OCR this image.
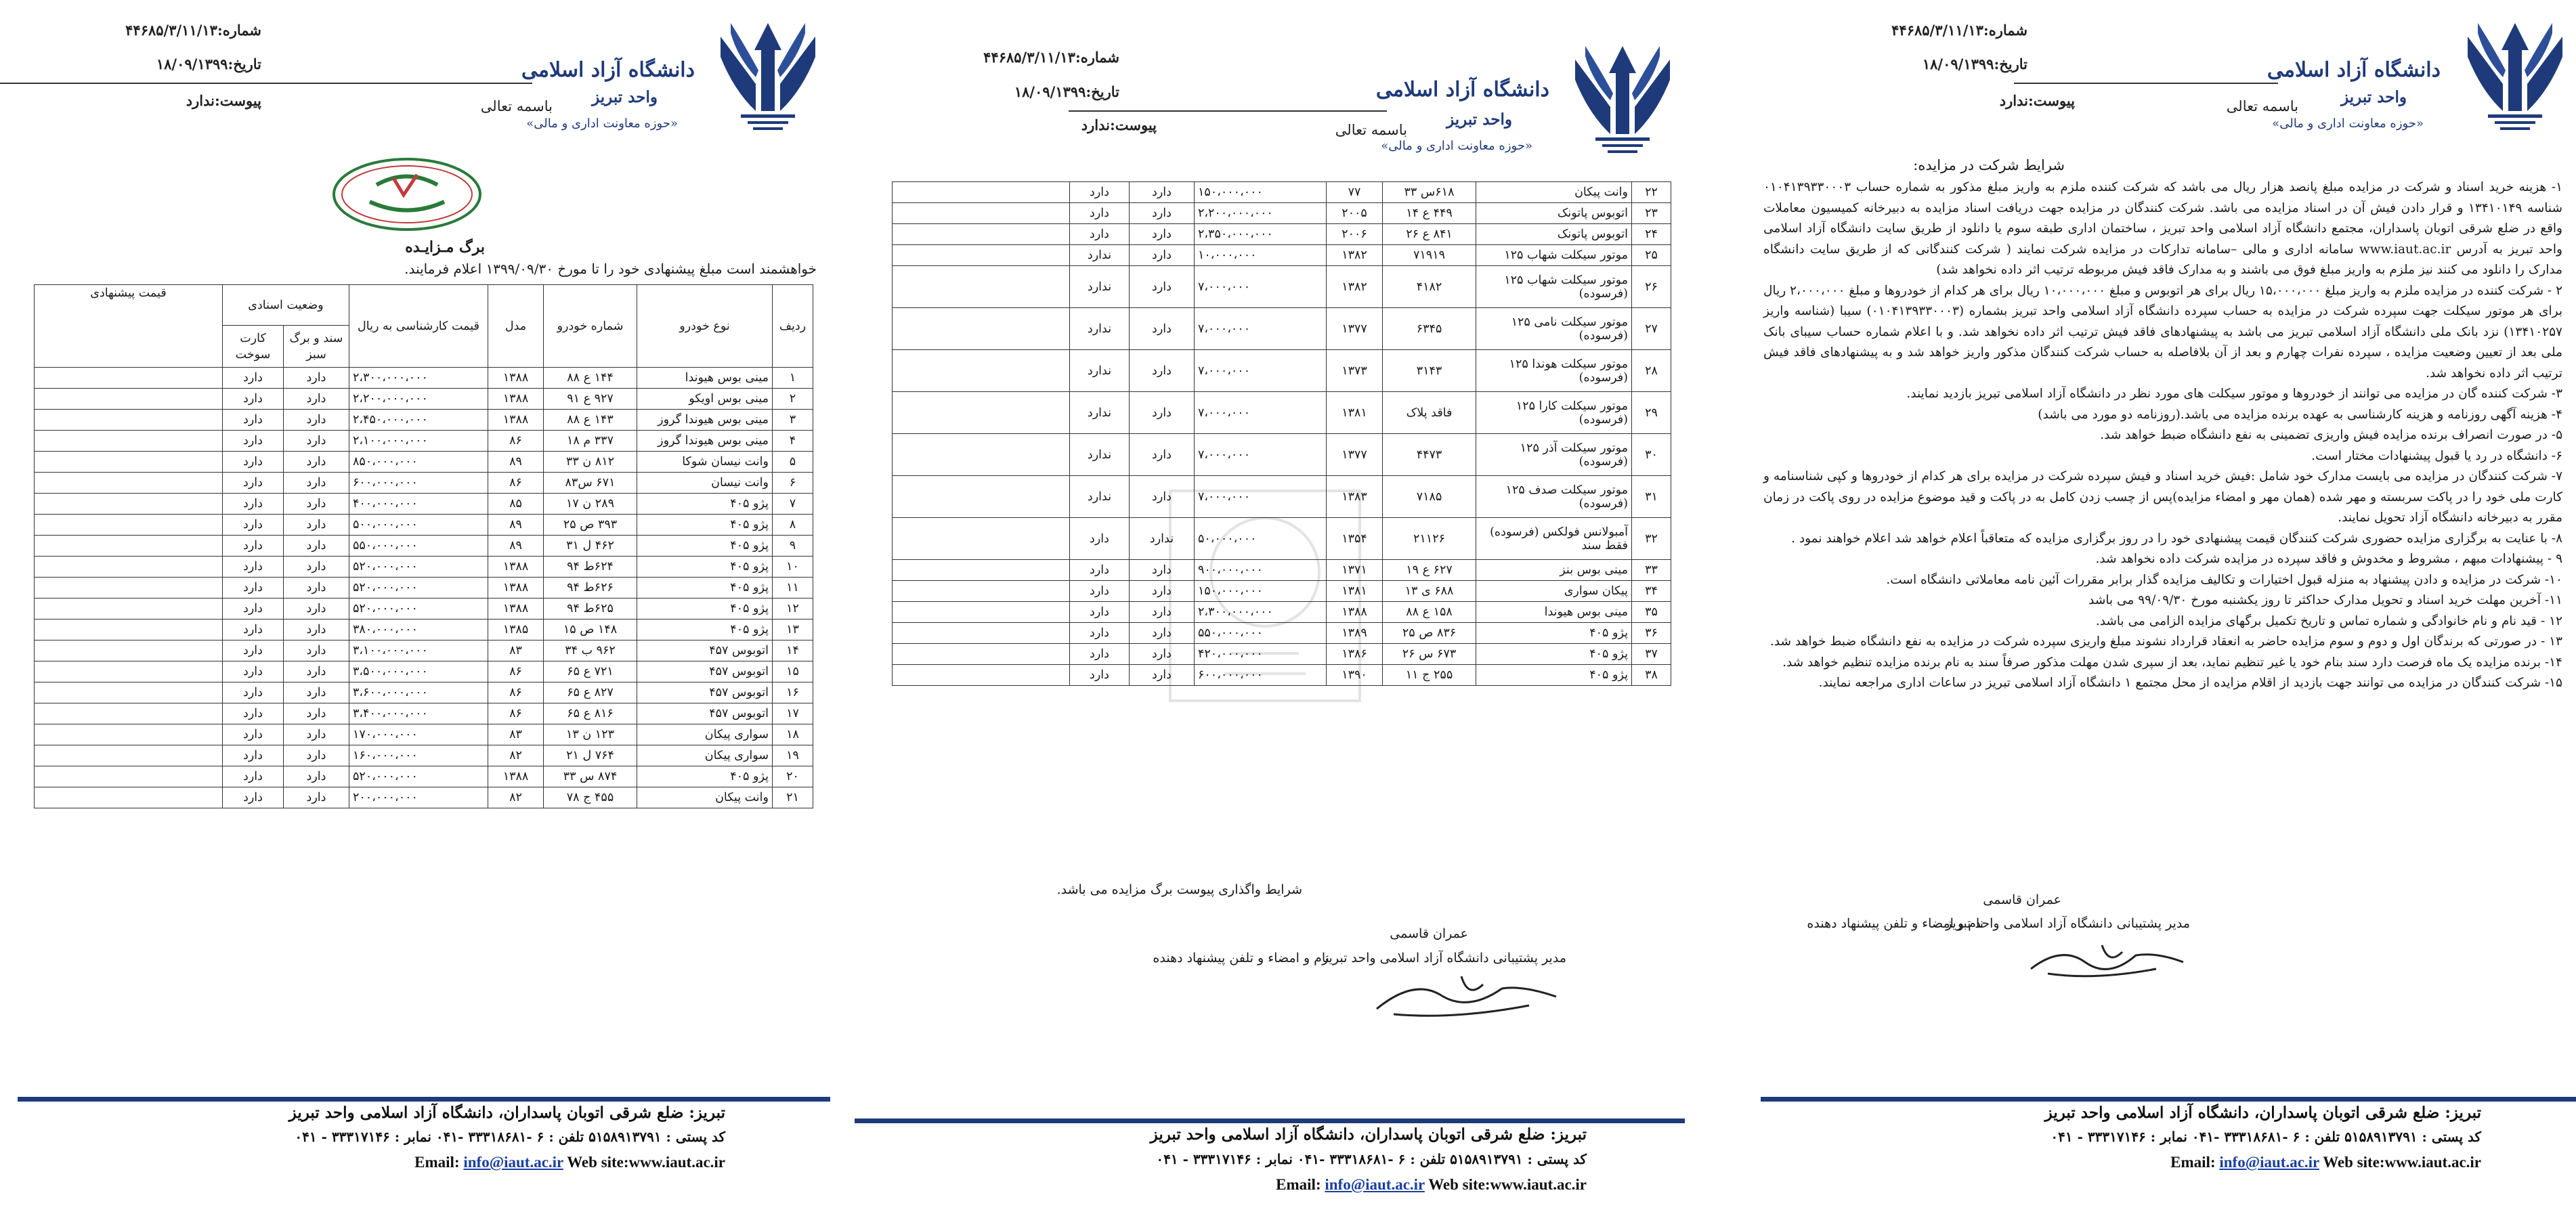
دانشگاه آزاد اسلامی
واحد تبریز
«حوزه معاونت اداری و مالی»
باسمه تعالی
شماره:۴۴۶۸۵/۳/۱۱/۱۳
تاریخ:۱۸/۰۹/۱۳۹۹
پیوست:ندارد
شرایط شرکت در مزایده:

۱- هزینه خرید اسناد و شرکت در مزایده مبلغ پانصد هزار ریال می باشد که شرکت کننده ملزم به واریز مبلغ مذکور به شماره حساب ۰۱۰۴۱۳۹۳۳۰۰۰۳ شناسه ۱۳۴۱۰۱۴۹ و قرار دادن فیش آن در اسناد مزایده می باشد. شرکت کنندگان در مزایده جهت دریافت اسناد مزایده به دبیرخانه کمیسیون معاملات واقع در ضلع شرقی اتوبان پاسداران، مجتمع دانشگاه آزاد اسلامی واحد تبریز ، ساختمان اداری طبقه سوم یا دانلود از طریق سایت دانشگاه آزاد اسلامی واحد تبریز به آدرس www.iaut.ac.ir سامانه اداری و مالی –سامانه تدارکات در مزایده شرکت نمایند ( شرکت کنندگانی که از طریق سایت دانشگاه مدارک را دانلود می کنند نیز ملزم به واریز مبلغ فوق می باشند و به مدارک فاقد فیش مربوطه ترتیب اثر داده نخواهد شد)

۲ - شرکت کننده در مزایده ملزم به واریز مبلغ ۱۵،۰۰۰،۰۰۰ ریال برای هر اتوبوس و مبلغ ۱۰،۰۰۰،۰۰۰ ریال برای هر کدام از خودروها و مبلغ ۲،۰۰۰،۰۰۰ ریال برای هر موتور سیکلت جهت سپرده شرکت در مزایده به حساب سپرده دانشگاه آزاد اسلامی واحد تبریز بشماره (۰۱۰۴۱۳۹۳۳۰۰۰۳) سیبا (شناسه واریز ۱۳۴۱۰۲۵۷) نزد بانک ملی دانشگاه آزاد اسلامی تبریز می باشد به پیشنهادهای فاقد فیش ترتیب اثر داده نخواهد شد. و با اعلام شماره حساب سیبای بانک ملی بعد از تعیین وضعیت مزایده ، سپرده نفرات چهارم و بعد از آن بلافاصله به حساب شرکت کنندگان مذکور واریز خواهد شد و به پیشنهادهای فاقد فیش ترتیب اثر داده نخواهد شد.

۳- شرکت کننده گان در مزایده می توانند از خودروها و موتور سیکلت های مورد نظر در دانشگاه آزاد اسلامی تبریز بازدید نمایند.

۴- هزینه آگهی روزنامه و هزینه کارشناسی به عهده برنده مزایده می باشد.(روزنامه دو مورد می باشد)

۵- در صورت انصراف برنده مزایده فیش واریزی تضمینی به نفع دانشگاه ضبط خواهد شد.

۶- دانشگاه در رد یا قبول پیشنهادات مختار است.

۷- شرکت کنندگان در مزایده می بایست مدارک خود شامل :فیش خرید اسناد و فیش سپرده شرکت در مزایده برای هر کدام از خودروها و کپی شناسنامه و کارت ملی خود را در پاکت سربسته و مهر شده (همان مهر و امضاء مزایده)پس از چسب زدن کامل به در پاکت و قید موضوع مزایده در روی پاکت در زمان مقرر به دبیرخانه دانشگاه آزاد تحویل نمایند.

۸- با عنایت به برگزاری مزایده حضوری شرکت کنندگان قیمت پیشنهادی خود را در روز برگزاری مزایده که متعاقباً اعلام خواهد شد اعلام خواهند نمود .

۹ - پیشنهادات مبهم ، مشروط و مخدوش و فاقد سپرده در مزایده شرکت داده نخواهد شد.

۱۰- شرکت در مزایده و دادن پیشنهاد به منزله قبول اختیارات و تکالیف مزایده گذار برابر مقررات آئین نامه معاملاتی دانشگاه است.

۱۱- آخرین مهلت خرید اسناد و تحویل مدارک حداکثر تا روز یکشنبه مورخ ۹۹/۰۹/۳۰ می باشد

۱۲ - قید نام و نام خانوادگی و شماره تماس و تاریخ تکمیل برگهای مزایده الزامی می باشد.

۱۳ - در صورتی که برندگان اول و دوم و سوم مزایده حاضر به انعقاد قرارداد نشوند مبلغ واریزی سپرده شرکت در مزایده به نفع دانشگاه ضبط خواهد شد.

۱۴- برنده مزایده یک ماه فرصت دارد سند بنام خود یا غیر تنظیم نماید، بعد از سپری شدن مهلت مذکور صرفاً سند به نام برنده مزایده تنظیم خواهد شد.

۱۵- شرکت کنندگان در مزایده می توانند جهت بازدید از اقلام مزایده از محل مجتمع ۱ دانشگاه آزاد اسلامی تبریز در ساعات اداری مراجعه نمایند.

عمران قاسمی
مدیر پشتیبانی دانشگاه آزاد اسلامی واحد تبریز
نام و امضاء و تلفن پیشنهاد دهنده
تبریز: ضلع شرقی اتوبان پاسداران، دانشگاه آزاد اسلامی واحد تبریز
کد پستی : ۵۱۵۸۹۱۳۷۹۱ تلفن : ۶ -۳۳۳۱۸۶۸۱ -۰۴۱ نمابر : ۳۳۳۱۷۱۴۶ - ۰۴۱
Email: info@iaut.ac.ir Web site:www.iaut.ac.ir
دانشگاه آزاد اسلامی
واحد تبریز
«حوزه معاونت اداری و مالی»
باسمه تعالی
شماره:۴۴۶۸۵/۳/۱۱/۱۳
تاریخ:۱۸/۰۹/۱۳۹۹
پیوست:ندارد
۲۲	وانت پیکان	۶۱۸س ۳۳	۷۷	۱۵۰،۰۰۰،۰۰۰	دارد	دارد	
۲۳	اتوبوس پاتونک	۴۴۹ ع ۱۴	۲۰۰۵	۲،۲۰۰،۰۰۰،۰۰۰	دارد	دارد	
۲۴	اتوبوس پاتونک	۸۴۱ ع ۲۶	۲۰۰۶	۲،۳۵۰،۰۰۰،۰۰۰	دارد	دارد	
۲۵	موتور سیکلت شهاب ۱۲۵	۷۱۹۱۹	۱۳۸۲	۱۰،۰۰۰،۰۰۰	دارد	ندارد	
۲۶	موتور سیکلت شهاب ۱۲۵ (فرسوده)	۴۱۸۲	۱۳۸۲	۷،۰۰۰،۰۰۰	دارد	ندارد	
۲۷	موتور سیکلت نامی ۱۲۵ (فرسوده)	۶۳۴۵	۱۳۷۷	۷،۰۰۰،۰۰۰	دارد	ندارد	
۲۸	موتور سیکلت هوندا ۱۲۵ (فرسوده)	۳۱۴۳	۱۳۷۳	۷،۰۰۰،۰۰۰	دارد	ندارد	
۲۹	موتور سیکلت کارا ۱۲۵ (فرسوده)	فاقد پلاک	۱۳۸۱	۷،۰۰۰،۰۰۰	دارد	ندارد	
۳۰	موتور سیکلت آذر ۱۲۵ (فرسوده)	۴۴۷۳	۱۳۷۷	۷،۰۰۰،۰۰۰	دارد	ندارد	
۳۱	موتور سیکلت صدف ۱۲۵ (فرسوده)	۷۱۸۵	۱۳۸۳	۷،۰۰۰،۰۰۰	دارد	ندارد	
۳۲	آمبولانس فولکس (فرسوده) فقط سند	۲۱۱۲۶	۱۳۵۴	۵۰،۰۰۰،۰۰۰	ندارد	دارد	
۳۳	مینی بوس بنز	۶۲۷ ع ۱۹	۱۳۷۱	۹۰۰،۰۰۰،۰۰۰	دارد	دارد	
۳۴	پیکان سواری	۶۸۸ ی ۱۳	۱۳۸۱	۱۵۰،۰۰۰،۰۰۰	دارد	دارد	
۳۵	مینی بوس هیوندا	۱۵۸ ع ۸۸	۱۳۸۸	۲،۳۰۰،۰۰۰،۰۰۰	دارد	دارد	
۳۶	پژو ۴۰۵	۸۳۶ ص ۲۵	۱۳۸۹	۵۵۰،۰۰۰،۰۰۰	دارد	دارد	
۳۷	پژو ۴۰۵	۶۷۳ س ۲۶	۱۳۸۶	۴۲۰،۰۰۰،۰۰۰	دارد	دارد	
۳۸	پژو ۴۰۵	۲۵۵ ج ۱۱	۱۳۹۰	۶۰۰،۰۰۰،۰۰۰	دارد	دارد	
شرایط واگذاری پیوست برگ مزایده می باشد.
عمران قاسمی
مدیر پشتیبانی دانشگاه آزاد اسلامی واحد تبریز
نام و امضاء و تلفن پیشنهاد دهنده
تبریز: ضلع شرقی اتوبان پاسداران، دانشگاه آزاد اسلامی واحد تبریز
کد پستی : ۵۱۵۸۹۱۳۷۹۱ تلفن : ۶ -۳۳۳۱۸۶۸۱ -۰۴۱ نمابر : ۳۳۳۱۷۱۴۶ - ۰۴۱
Email: info@iaut.ac.ir Web site:www.iaut.ac.ir
دانشگاه آزاد اسلامی
واحد تبریز
«حوزه معاونت اداری و مالی»
باسمه تعالی
شماره:۴۴۶۸۵/۳/۱۱/۱۳
تاریخ:۱۸/۰۹/۱۳۹۹
پیوست:ندارد
برگ مـزایـده
خواهشمند است مبلغ پیشنهادی خود را تا مورخ ۱۳۹۹/۰۹/۳۰ اعلام فرمایند.
ردیف	نوع خودرو	شماره خودرو	مدل	قیمت کارشناسی به ریال	وضعیت اسنادی		قیمت پیشنهادی
					سند و برگ سبز	کارت سوخت	
۱	مینی بوس هیوندا	۱۴۴ ع ۸۸	۱۳۸۸	۲،۳۰۰،۰۰۰،۰۰۰	دارد	دارد	
۲	مینی بوس اویکو	۹۲۷ ع ۹۱	۱۳۸۸	۲،۲۰۰،۰۰۰،۰۰۰	دارد	دارد	
۳	مینی بوس هیوندا گروز	۱۴۳ ع ۸۸	۱۳۸۸	۲،۴۵۰،۰۰۰،۰۰۰	دارد	دارد	
۴	مینی بوس هیوندا گروز	۳۳۷ م ۱۸	۸۶	۲،۱۰۰،۰۰۰،۰۰۰	دارد	دارد	
۵	وانت نیسان شوکا	۸۱۲ ن ۳۳	۸۹	۸۵۰،۰۰۰،۰۰۰	دارد	دارد	
۶	وانت نیسان	۶۷۱ س۸۳	۸۶	۶۰۰،۰۰۰،۰۰۰	دارد	دارد	
۷	پژو ۴۰۵	۲۸۹ ن ۱۷	۸۵	۴۰۰،۰۰۰،۰۰۰	دارد	دارد	
۸	پژو ۴۰۵	۳۹۳ ص ۲۵	۸۹	۵۰۰،۰۰۰،۰۰۰	دارد	دارد	
۹	پژو ۴۰۵	۴۶۲ ل ۳۱	۸۹	۵۵۰،۰۰۰،۰۰۰	دارد	دارد	
۱۰	پژو ۴۰۵	۶۲۴ط ۹۴	۱۳۸۸	۵۲۰،۰۰۰،۰۰۰	دارد	دارد	
۱۱	پژو ۴۰۵	۶۲۶ط ۹۴	۱۳۸۸	۵۲۰،۰۰۰،۰۰۰	دارد	دارد	
۱۲	پژو ۴۰۵	۶۲۵ط ۹۴	۱۳۸۸	۵۲۰،۰۰۰،۰۰۰	دارد	دارد	
۱۳	پژو ۴۰۵	۱۴۸ ص ۱۵	۱۳۸۵	۳۸۰،۰۰۰،۰۰۰	دارد	دارد	
۱۴	اتوبوس ۴۵۷	۹۶۲ ب ۳۴	۸۳	۳،۱۰۰،۰۰۰،۰۰۰	دارد	دارد	
۱۵	اتوبوس ۴۵۷	۷۲۱ ع ۶۵	۸۶	۳،۵۰۰،۰۰۰،۰۰۰	دارد	دارد	
۱۶	اتوبوس ۴۵۷	۸۲۷ ع ۶۵	۸۶	۳،۶۰۰،۰۰۰،۰۰۰	دارد	دارد	
۱۷	اتوبوس ۴۵۷	۸۱۶ ع ۶۵	۸۶	۳،۴۰۰،۰۰۰،۰۰۰	دارد	دارد	
۱۸	سواری پیکان	۱۲۳ ن ۱۳	۸۳	۱۷۰،۰۰۰،۰۰۰	دارد	دارد	
۱۹	سواری پیکان	۷۶۴ ل ۲۱	۸۲	۱۶۰،۰۰۰،۰۰۰	دارد	دارد	
۲۰	پژو ۴۰۵	۸۷۴ س ۳۳	۱۳۸۸	۵۲۰،۰۰۰،۰۰۰	دارد	دارد	
۲۱	وانت پیکان	۴۵۵ ج ۷۸	۸۲	۲۰۰،۰۰۰،۰۰۰	دارد	دارد	
تبریز: ضلع شرقی اتوبان پاسداران، دانشگاه آزاد اسلامی واحد تبریز
کد پستی : ۵۱۵۸۹۱۳۷۹۱ تلفن : ۶ -۳۳۳۱۸۶۸۱ -۰۴۱ نمابر : ۳۳۳۱۷۱۴۶ - ۰۴۱
Email: info@iaut.ac.ir Web site:www.iaut.ac.ir
